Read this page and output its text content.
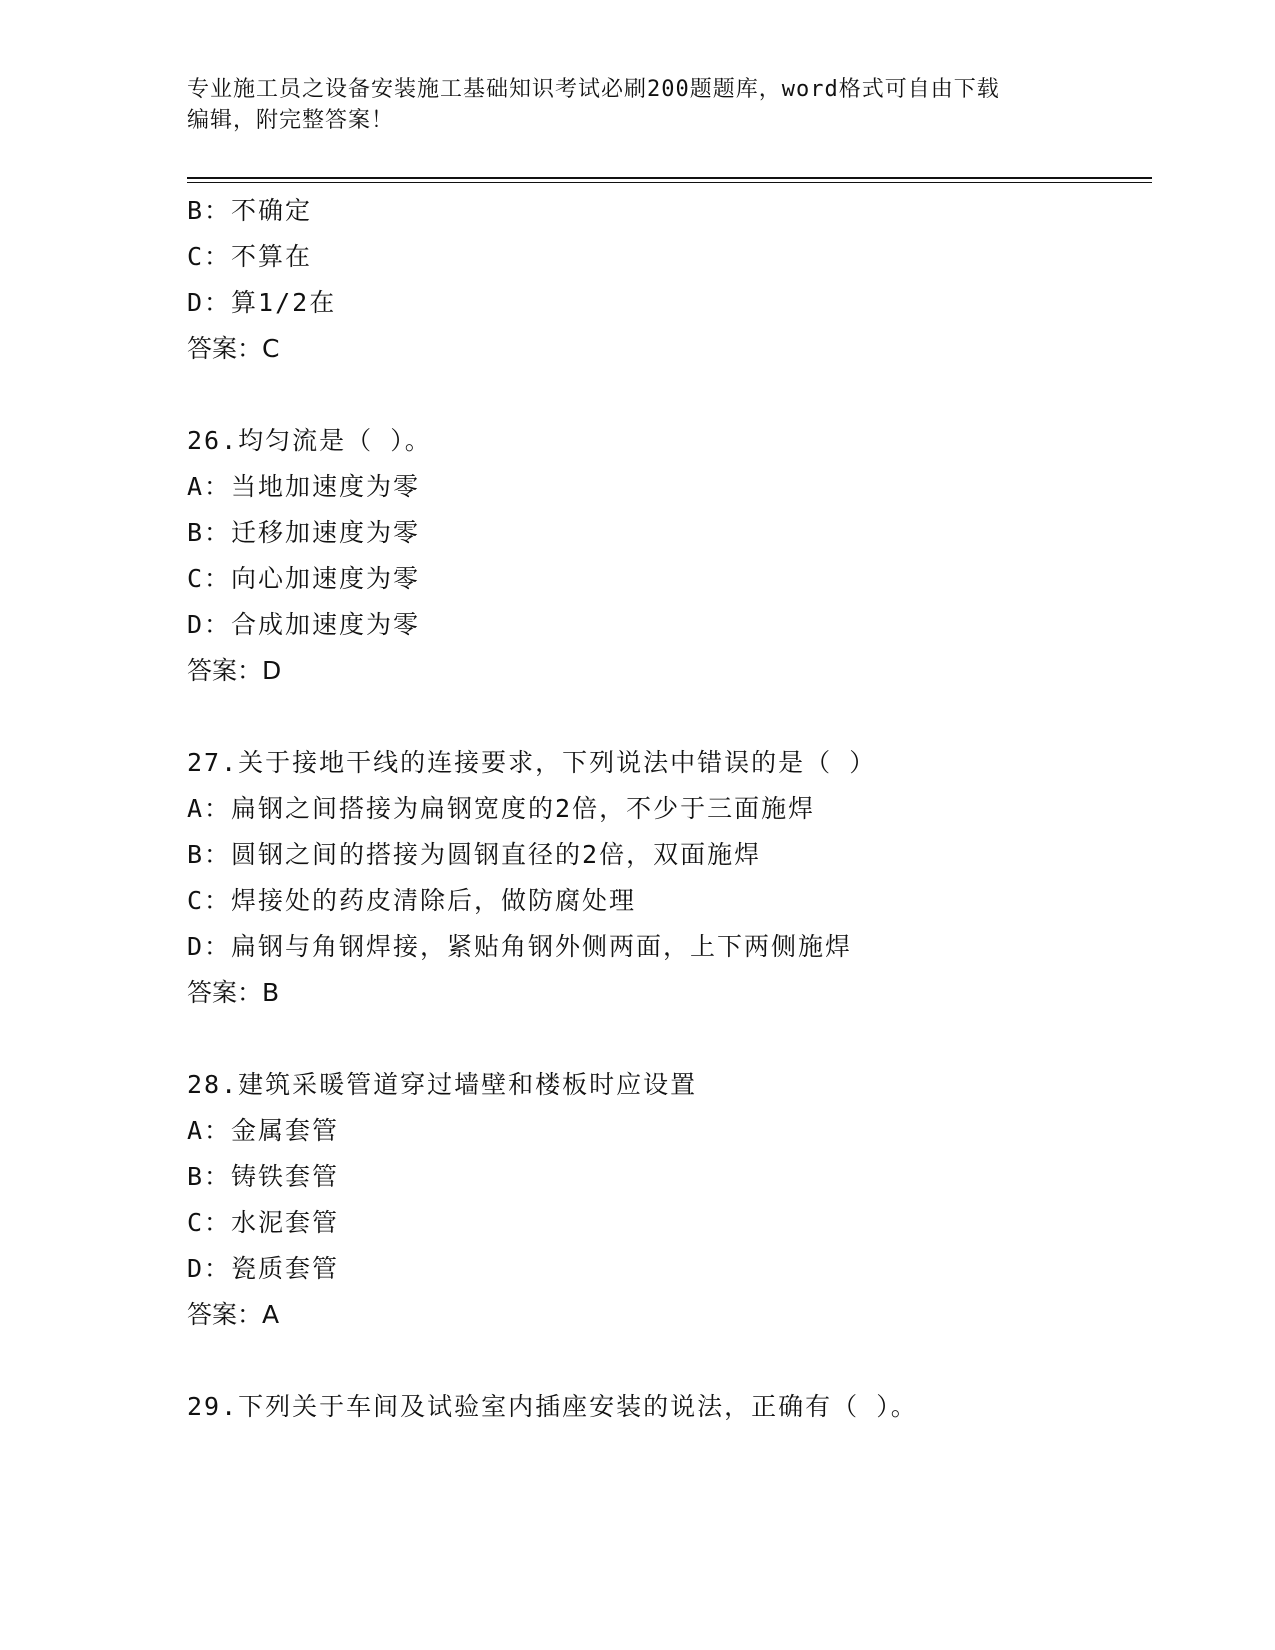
专业施工员之设备安装施工基础知识考试必刷200题题库，word格式可自由下载
编辑，附完整答案！
B：不确定
C：不算在
D：算1/2在
答案：C
26.均匀流是（ ）。
A：当地加速度为零
B：迁移加速度为零
C：向心加速度为零
D：合成加速度为零
答案：D
27.关于接地干线的连接要求，下列说法中错误的是（ ）
A：扁钢之间搭接为扁钢宽度的2倍，不少于三面施焊
B：圆钢之间的搭接为圆钢直径的2倍，双面施焊
C：焊接处的药皮清除后，做防腐处理
D：扁钢与角钢焊接，紧贴角钢外侧两面，上下两侧施焊
答案：B
28.建筑采暖管道穿过墙壁和楼板时应设置
A：金属套管
B：铸铁套管
C：水泥套管
D：瓷质套管
答案：A
29.下列关于车间及试验室内插座安装的说法，正确有（ ）。
